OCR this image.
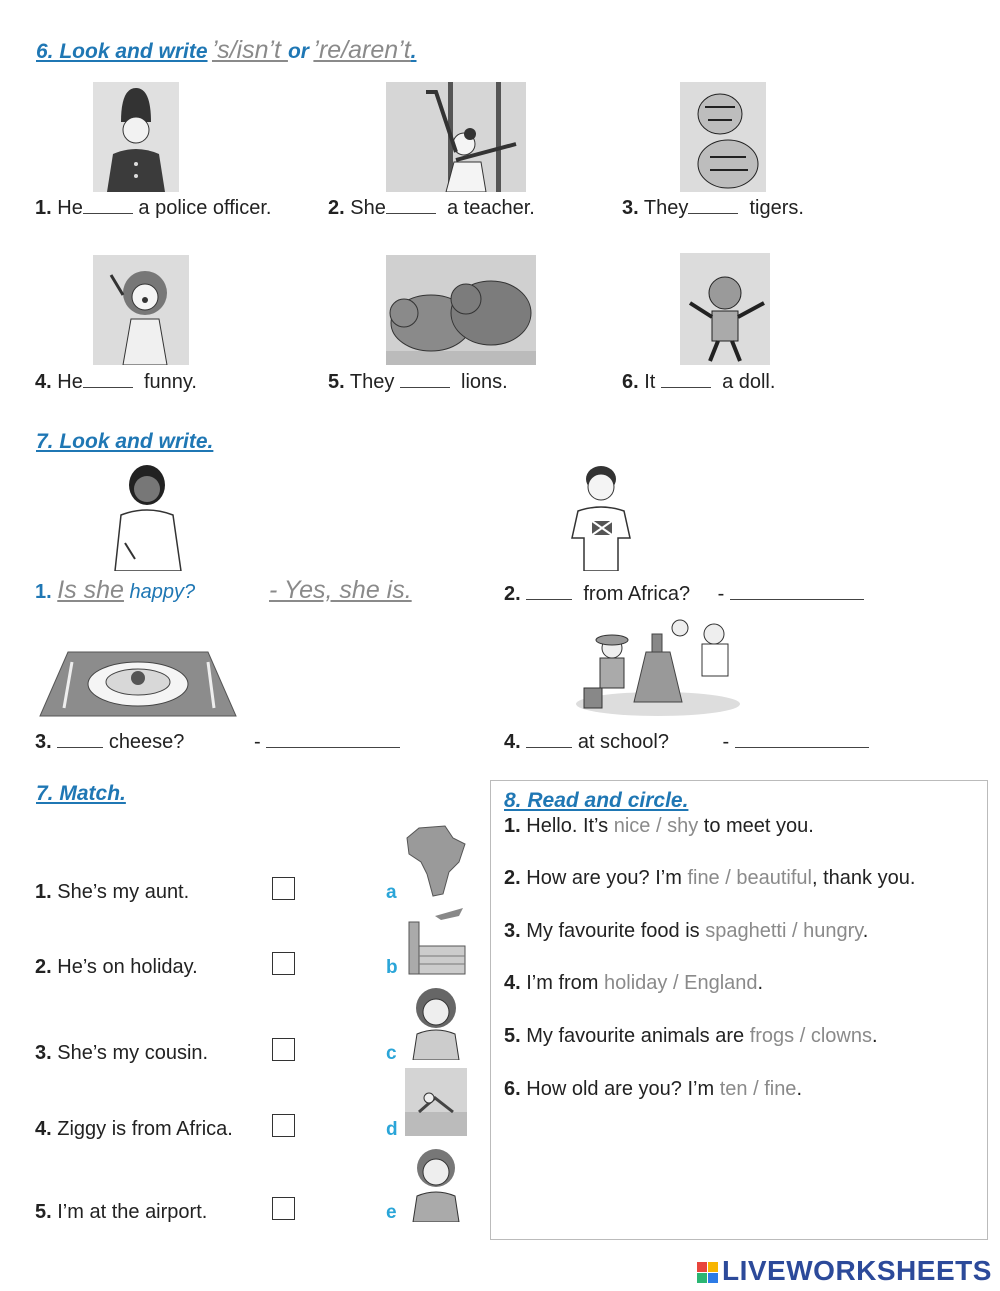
6. Look and write ’s/isn’t or ’re/aren’t.
1. He	a police officer.	2. She	a teacher.	3. They	tigers.
4. He	funny.	5. They	lions.	6. It	a doll.
7. Look and write.
1. Is she happy?	- Yes, she is.	2.	from Africa? -
3.	cheese?	-	4.	at school?	-
7. Match.
1. She’s my aunt.
2. He’s on holiday.
3. She’s my cousin.
4. Ziggy is from Africa.
5. I’m at the airport.
a
b
c
d
e
8. Read and circle.
1. Hello. It’s nice / shy to meet you.
2. How are you? I’m fine / beautiful, thank you.
3. My favourite food is spaghetti / hungry.
4. I’m from holiday / England.
5. My favourite animals are frogs / clowns.
6. How old are you? I’m ten / fine.
LIVEWORKSHEETS
